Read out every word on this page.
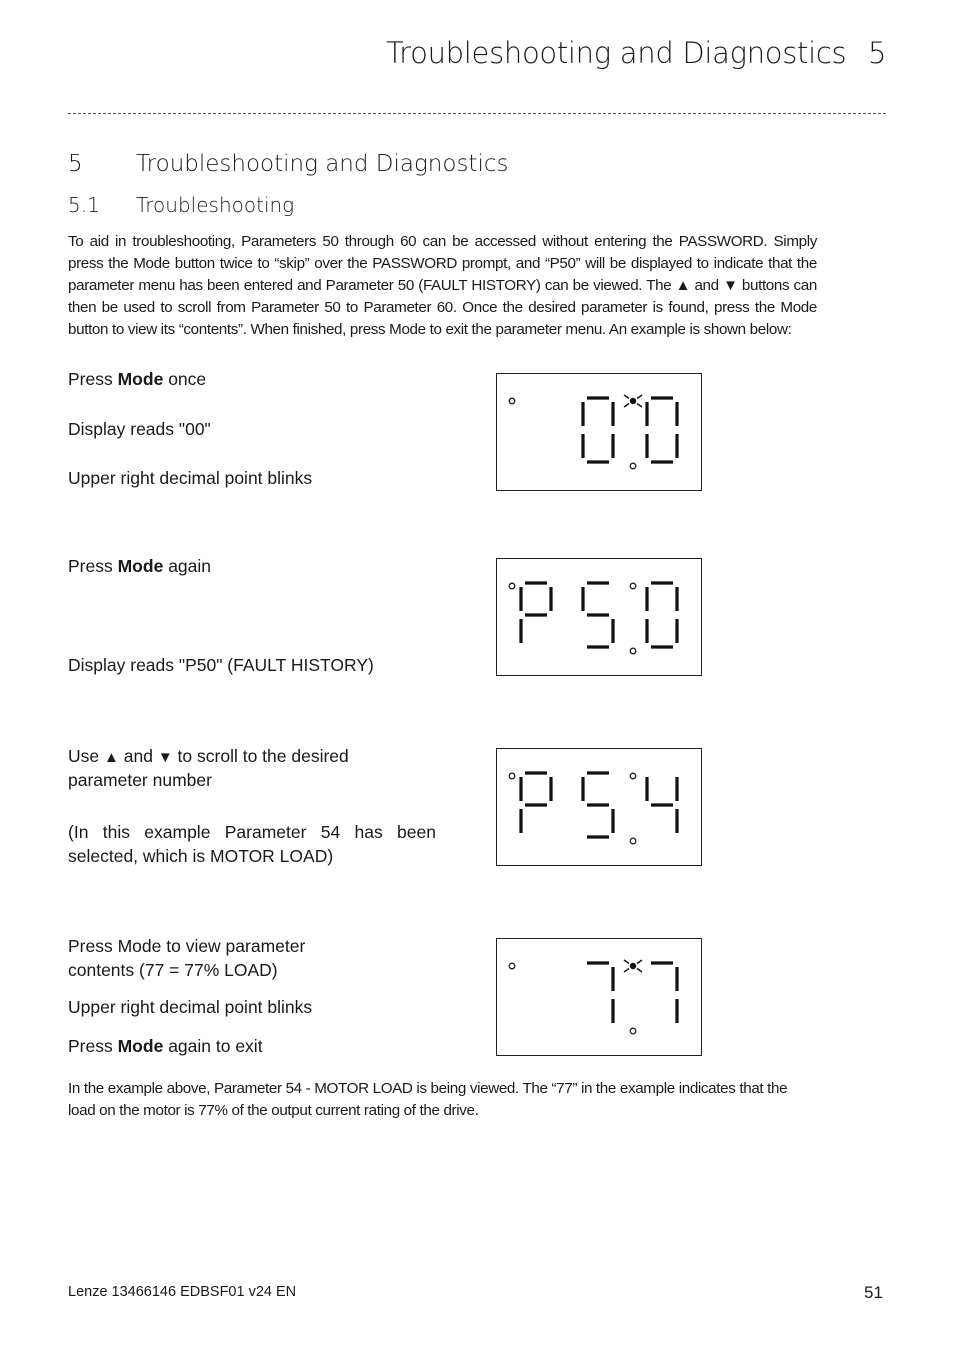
Troubleshooting and Diagnostics 5
5 Troubleshooting and Diagnostics
5.1 Troubleshooting

To aid in troubleshooting, Parameters 50 through 60 can be accessed without entering the PASSWORD. Simply press the Mode button twice to “skip” over the PASSWORD prompt, and “P50” will be displayed to indicate that the parameter menu has been entered and Parameter 50 (FAULT HISTORY) can be viewed. The ▲ and ▼ buttons can then be used to scroll from Parameter 50 to Parameter 60. Once the desired parameter is found, press the Mode button to view its “contents”. When finished, press Mode to exit the parameter menu. An example is shown below:

Press Mode once
Display reads "00"
Upper right decimal point blinks
Press Mode again
Display reads "P50" (FAULT HISTORY)
Use ▲ and ▼ to scroll to the desired
parameter number
(In this example Parameter 54 has been selected, which is MOTOR LOAD)
Press Mode to view parameter
contents (77 = 77% LOAD)
Upper right decimal point blinks
Press Mode again to exit

In the example above, Parameter 54 - MOTOR LOAD is being viewed. The “77” in the example indicates that the load on the motor is 77% of the output current rating of the drive.

Lenze 13466146 EDBSF01 v24 EN	51
